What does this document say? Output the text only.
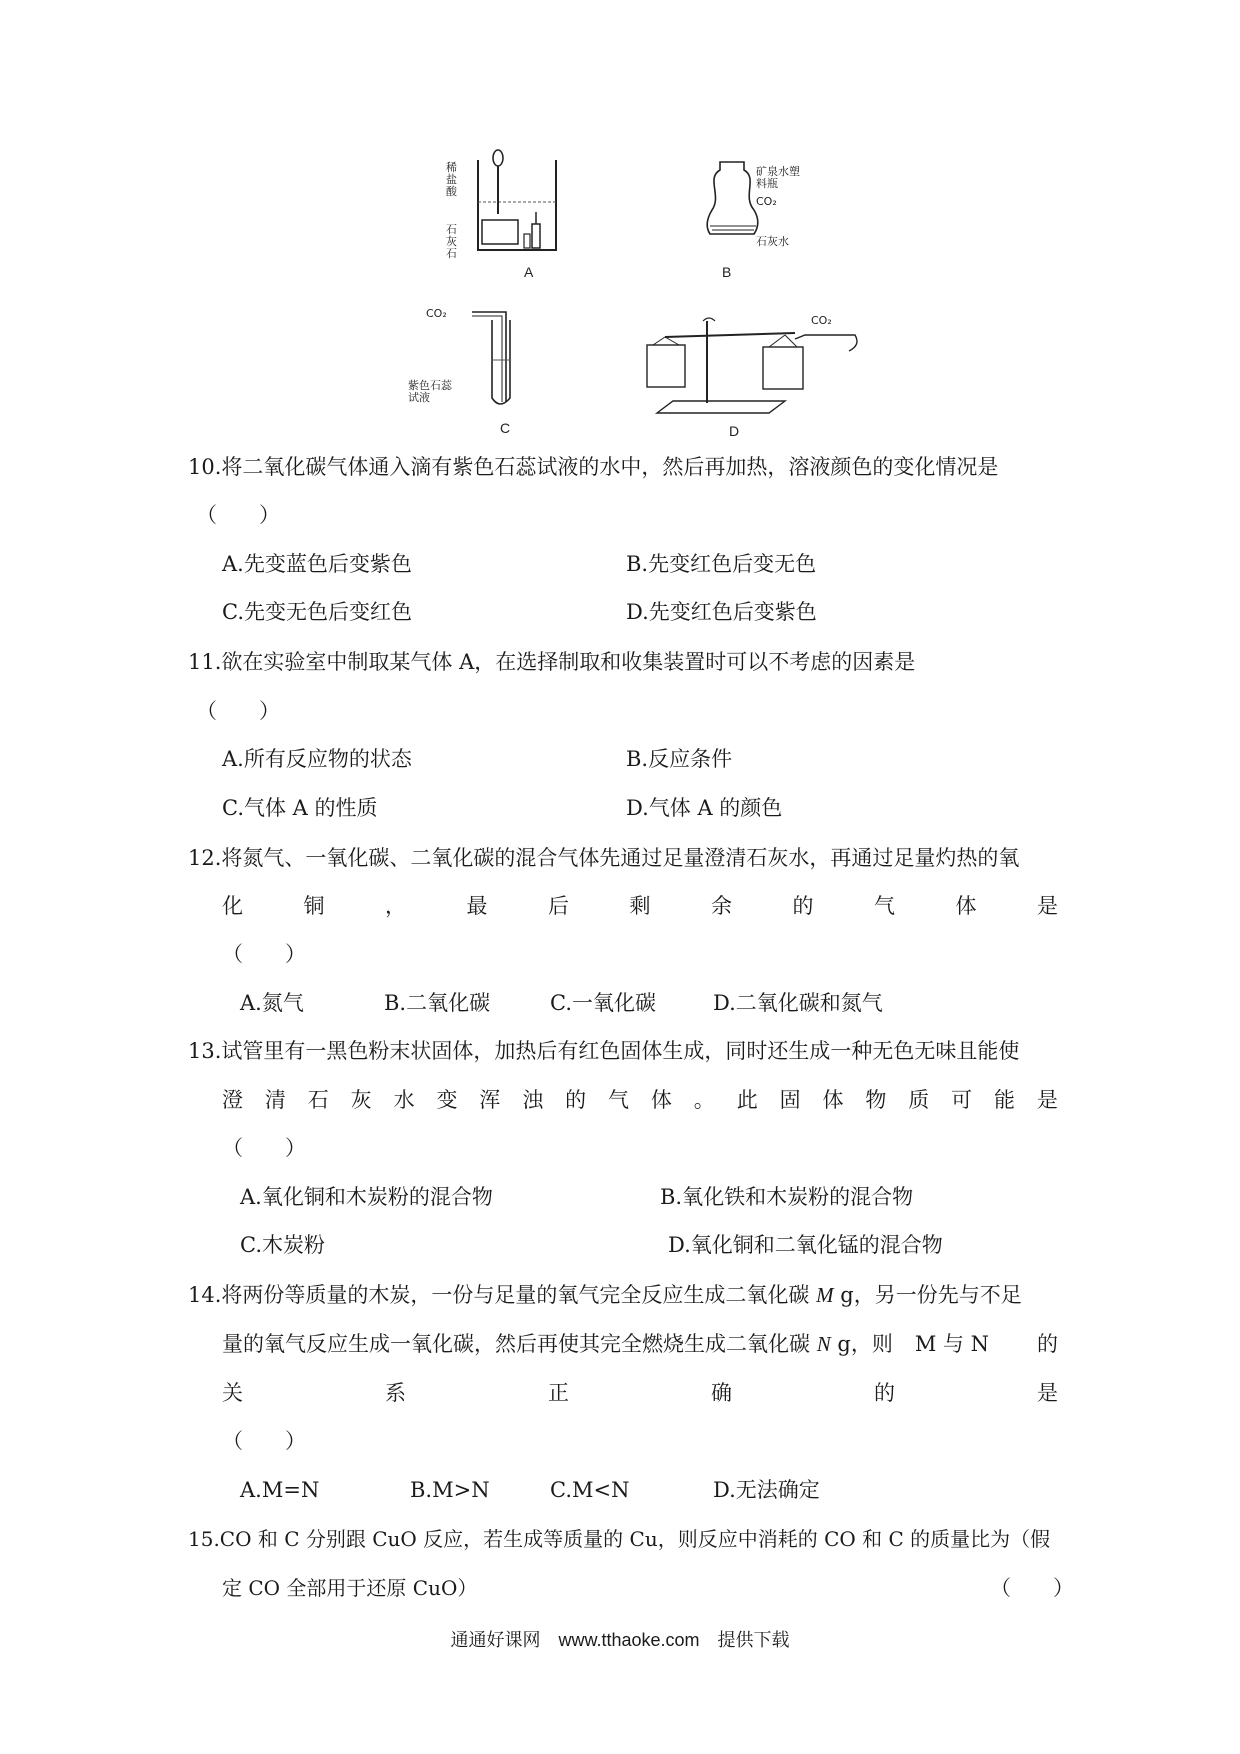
稀盐酸
石灰石
A
矿泉水塑料瓶
CO₂
石灰水
B
CO₂
紫色石蕊试液
C
CO₂
D
10.将二氧化碳气体通入滴有紫色石蕊试液的水中，然后再加热，溶液颜色的变化情况是
（　　）
A.先变蓝色后变紫色	B.先变红色后变无色
C.先变无色后变红色	D.先变红色后变紫色
11.欲在实验室中制取某气体 A，在选择制取和收集装置时可以不考虑的因素是
（　　）
A.所有反应物的状态	B.反应条件
C.气体 A 的性质	D.气体 A 的颜色
12.将氮气、一氧化碳、二氧化碳的混合气体先通过足量澄清石灰水，再通过足量灼热的氧
化	铜	，	最	后	剩	余	的	气	体	是
（　　）
A.氮气	B.二氧化碳	C.一氧化碳	D.二氧化碳和氮气
13.试管里有一黑色粉末状固体，加热后有红色固体生成，同时还生成一种无色无味且能使
澄 清 石 灰 水 变 浑 浊 的 气 体 。 此 固 体 物 质 可 能 是
（　　）
A.氧化铜和木炭粉的混合物	B.氧化铁和木炭粉的混合物
C.木炭粉	D.氧化铜和二氧化锰的混合物
14.将两份等质量的木炭，一份与足量的氧气完全反应生成二氧化碳 M g，另一份先与不足
量的氧气反应生成一氧化碳，然后再使其完全燃烧生成二氧化碳 N g，则 M 与 N 的
关	系	正	确	的	是
（　　）
A.M=N	B.M>N	C.M<N	D.无法确定
15.CO 和 C 分别跟 CuO 反应，若生成等质量的 Cu，则反应中消耗的 CO 和 C 的质量比为（假
定 CO 全部用于还原 CuO）	（　　）
通通好课网　www.tthaoke.com　提供下载
